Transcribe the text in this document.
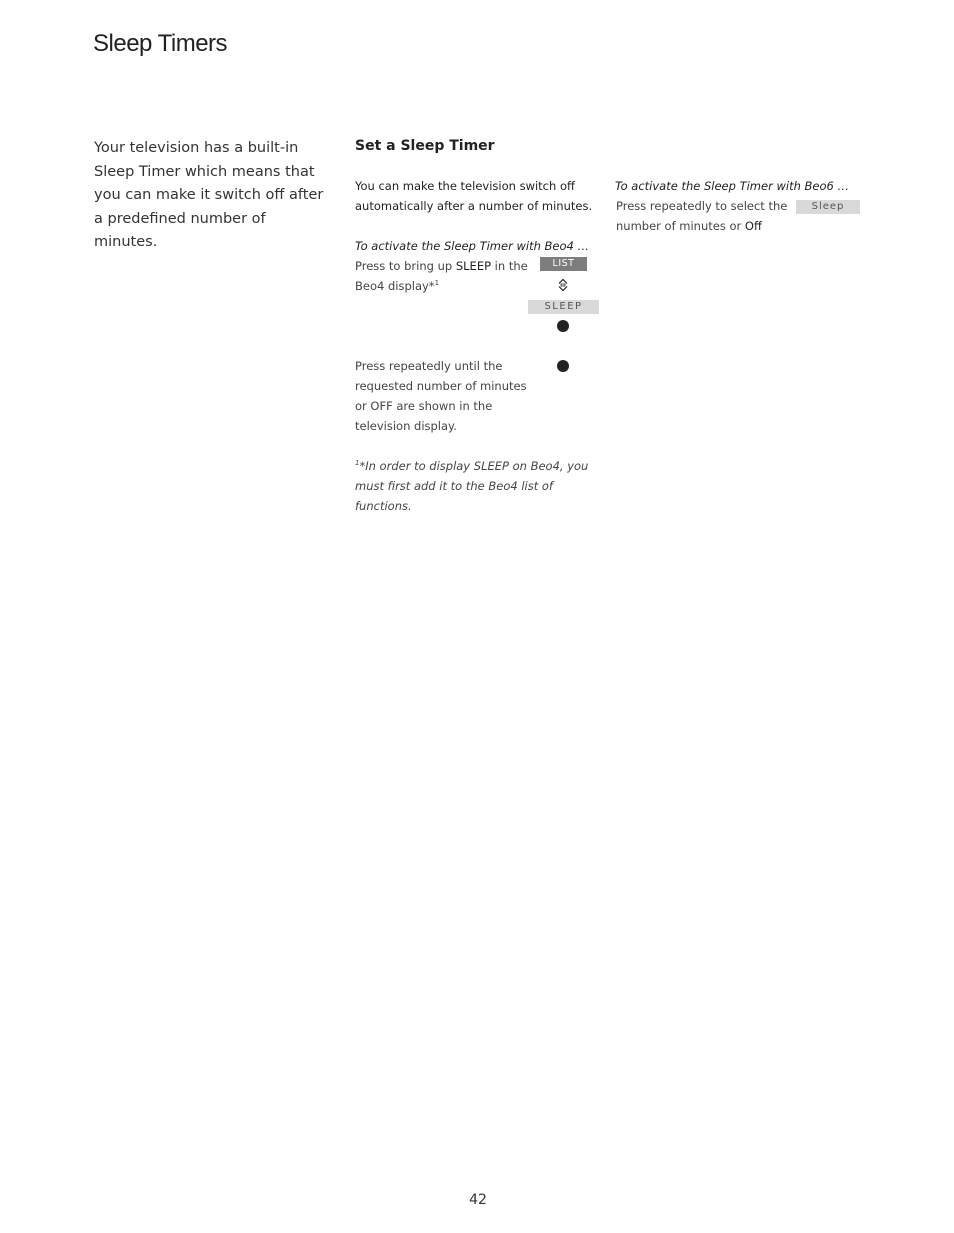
Sleep Timers
Your television has a built-in Sleep Timer which means that you can make it switch off after a predefined number of minutes.
Set a Sleep Timer
You can make the television switch off automatically after a number of minutes.
To activate the Sleep Timer with Beo4 …
Press to bring up SLEEP in the Beo4 display*$^1$
LIST
SLEEP
Press repeatedly until the requested number of minutes or OFF are shown in the television display.
$^1$*In order to display SLEEP on Beo4, you must first add it to the Beo4 list of functions.
To activate the Sleep Timer with Beo6 …
Press repeatedly to select the number of minutes or Off
Sleep
42
